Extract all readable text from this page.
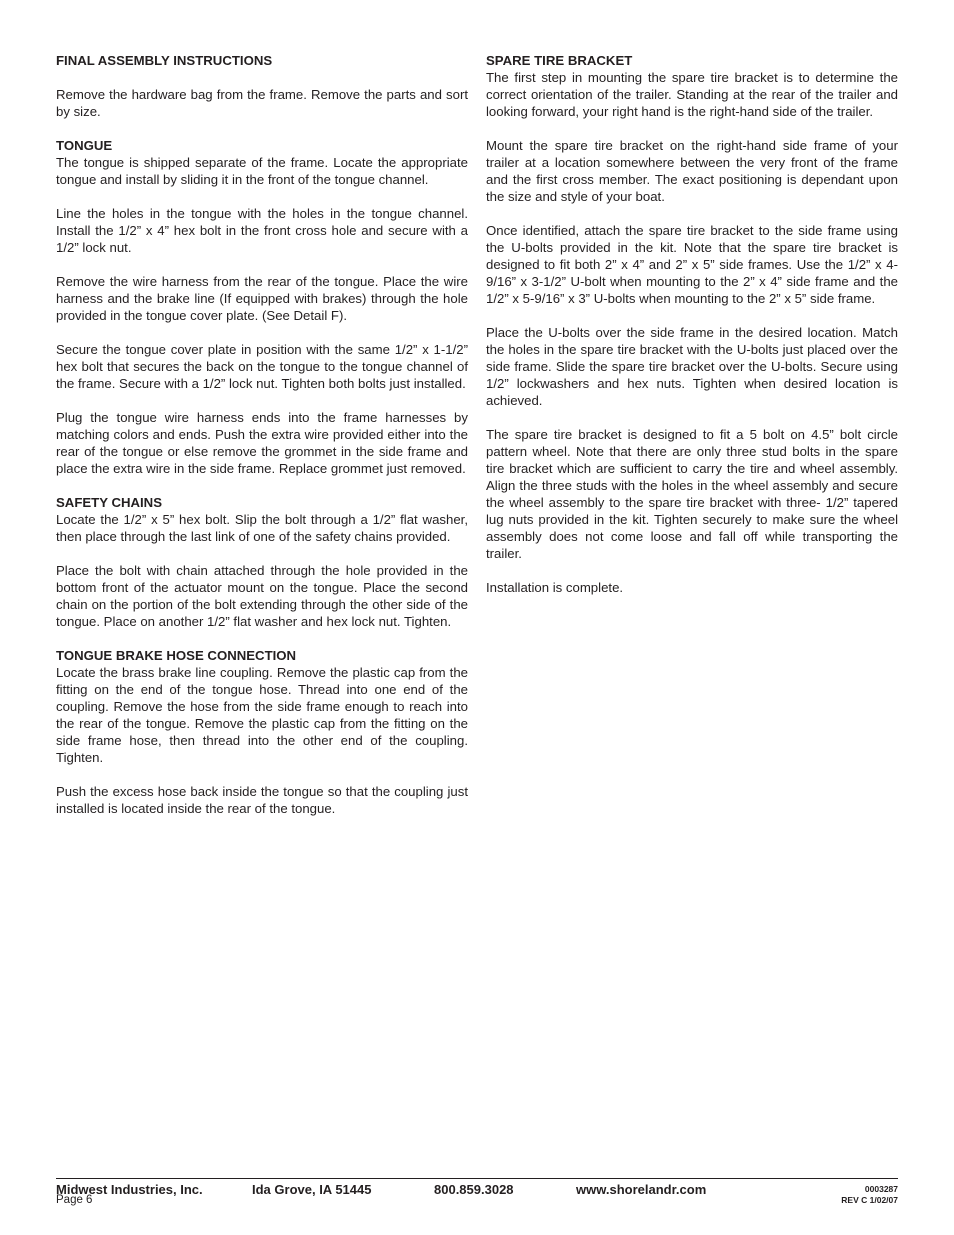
FINAL ASSEMBLY INSTRUCTIONS

Remove the hardware bag from the frame. Remove the parts and sort by size.

TONGUE

The tongue is shipped separate of the frame. Locate the appropriate tongue and install by sliding it in the front of the tongue channel.

Line the holes in the tongue with the holes in the tongue channel. Install the 1/2” x 4” hex bolt in the front cross hole and secure with a 1/2” lock nut.

Remove the wire harness from the rear of the tongue. Place the wire harness and the brake line (If equipped with brakes) through the hole provided in the tongue cover plate. (See Detail F).

Secure the tongue cover plate in position with the same 1/2” x 1-1/2” hex bolt that secures the back on the tongue to the tongue channel of the frame. Secure with a 1/2” lock nut. Tighten both bolts just installed.

Plug the tongue wire harness ends into the frame harnesses by matching colors and ends. Push the extra wire provided either into the rear of the tongue or else remove the grommet in the side frame and place the extra wire in the side frame. Replace grommet just removed.

SAFETY CHAINS

Locate the 1/2” x 5” hex bolt. Slip the bolt through a 1/2” flat washer, then place through the last link of one of the safety chains provided.

Place the bolt with chain attached through the hole provided in the bottom front of the actuator mount on the tongue. Place the second chain on the portion of the bolt extending through the other side of the tongue. Place on another 1/2” flat washer and hex lock nut. Tighten.

TONGUE BRAKE HOSE CONNECTION

Locate the brass brake line coupling. Remove the plastic cap from the fitting on the end of the tongue hose. Thread into one end of the coupling. Remove the hose from the side frame enough to reach into the rear of the tongue. Remove the plastic cap from the fitting on the side frame hose, then thread into the other end of the coupling. Tighten.

Push the excess hose back inside the tongue so that the coupling just installed is located inside the rear of the tongue.

SPARE TIRE BRACKET

The first step in mounting the spare tire bracket is to determine the correct orientation of the trailer. Standing at the rear of the trailer and looking forward, your right hand is the right-hand side of the trailer.

Mount the spare tire bracket on the right-hand side frame of your trailer at a location somewhere between the very front of the frame and the first cross member. The exact positioning is dependant upon the size and style of your boat.

Once identified, attach the spare tire bracket to the side frame using the U-bolts provided in the kit. Note that the spare tire bracket is designed to fit both 2” x 4” and 2” x 5” side frames. Use the 1/2” x 4-9/16” x 3-1/2” U-bolt when mounting to the 2” x 4” side frame and the 1/2” x 5-9/16” x 3” U-bolts when mounting to the 2” x 5” side frame.

Place the U-bolts over the side frame in the desired location. Match the holes in the spare tire bracket with the U-bolts just placed over the side frame. Slide the spare tire bracket over the U-bolts. Secure using 1/2” lockwashers and hex nuts. Tighten when desired location is achieved.

The spare tire bracket is designed to fit a 5 bolt on 4.5” bolt circle pattern wheel. Note that there are only three stud bolts in the spare tire bracket which are sufficient to carry the tire and wheel assembly. Align the three studs with the holes in the wheel assembly and secure the wheel assembly to the spare tire bracket with three- 1/2” tapered lug nuts provided in the kit. Tighten securely to make sure the wheel assembly does not come loose and fall off while transporting the trailer.

Installation is complete.

Midwest Industries, Inc.	Ida Grove, IA 51445	800.859.3028	www.shorelandr.com
Page 6
0003287
REV C 1/02/07
